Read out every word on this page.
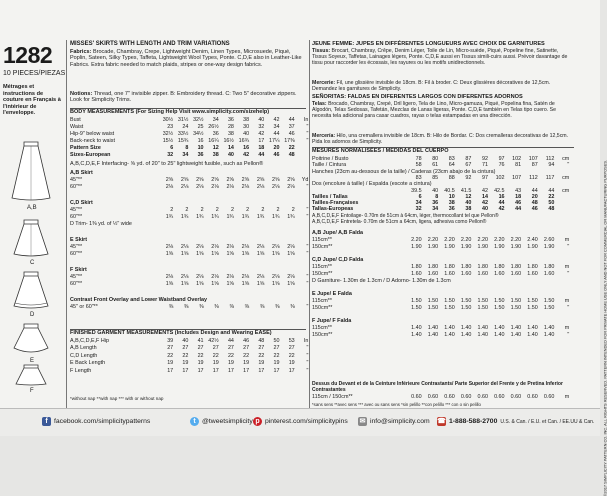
1282
10 PIECES/PIEZAS
Métrages et instructions de couture en Français à l'intérieur de l'enveloppe.
A,B
C
D
E
F
MISSES' SKIRTS WITH LENGTH AND TRIM VARIATIONS
Fabrics: Brocade, Chambray, Crepe, Lightweight Denim, Linen Types, Microsuede, Piqué, Poplin, Sateen, Silky Types, Taffeta, Lightweight Wool Types, Ponte. C,D,E also in Leather-Like Fabrics. Extra fabric needed to match plaids, stripes or one-way design fabrics.
Notions: Thread, one 7" invisible zipper. B: Embroidery thread. C: Two 5" decorative zippers. Look for Simplicity Trims.
BODY MEASUREMENTS (For Sizing Help Visit www.simplicity.com/sizehelp)
Bust	30½ 31½ 32½ 34 36 38 40 42 44 In
Waist	23 24 25 26½ 28 30 32 34 37 "
Hip-9" below waist	32½ 33½ 34½ 36 38 40 42 44 46 "
Back-neck to waist	15½ 15¾ 16 16¼ 16½ 16¾ 17 17¼ 17⅜ "
Pattern Size	6 8 10 12 14 16 18 20 22
Sizes-European	32 34 36 38 40 42 44 46 48
A,B,C,D,E,F Interfacing- ⅝ yd. of 20" to 25" lightweight fusible, such as Pellon®
A,B Skirt
45"**	2⅝ 2⅝ 2⅝ 2⅝ 2⅝ 2⅝ 2⅝ 2⅝ 2⅝ Yd
60"**	2⅛ 2⅛ 2⅛ 2⅛ 2⅛ 2⅛ 2⅛ 2⅛ 2⅛ "
C,D Skirt
45"**	2 2 2 2 2 2 2 2 2 "
60"**	1¾ 1¾ 1¾ 1¾ 1¾ 1¾ 1¾ 1¾ 1¾ "
D Trim- 1⅜ yd. of ½" wide
E Skirt
45"**	2⅛ 2⅛ 2⅛ 2⅛ 2⅛ 2⅛ 2⅛ 2⅛ 2⅛ "
60"**	1⅝ 1⅝ 1⅝ 1⅝ 1⅝ 1⅝ 1⅝ 1⅝ 1⅝ "
F Skirt
45"**	2⅛ 2⅛ 2⅛ 2⅛ 2⅛ 2⅛ 2⅛ 2⅛ 2⅛ "
60"**	1⅝ 1⅝ 1⅝ 1⅝ 1⅝ 1⅝ 1⅝ 1⅝ 1⅝ "
Contrast Front Overlay and Lower Waistband Overlay
45" or 60"**	⅜ ⅜ ⅜ ⅜ ⅜ ⅜ ⅜ ⅜ ⅜ "
FINISHED GARMENT MEASUREMENTS (Includes Design and Wearing EASE)
A,B,C,D,E,F Hip	39 40 41 42½ 44 46 48 50 53 In
A,B Length	27 27 27 27 27 27 27 27 27 "
C,D Length	22 22 22 22 22 22 22 22 22 "
E Back Length	19 19 19 19 19 19 19 19 19 "
F Length	17 17 17 17 17 17 17 17 17 "
*without nap **with nap *** with or without nap
JEUNE FEMME: JUPES EN DIFFÉRENTES LONGUEURS AVEC CHOIX DE GARNITURES
Tissus: Brocart, Chambray, Crêpe, Denim Léger, Toile de Lin, Micro-suède, Piqué, Popeline fine, Satinette, Tissus Soyeux, Taffetas, Lainages légers, Ponte. C,D,E aussi en Tissus simili-cuirs aussi. Prévoir davantage de tissu pour raccorder les écossais, les rayures ou les motifs unidirectionnels.
Mercerie: Fil, une glissière invisible de 18cm. B: Fil à broder. C: Deux glissières décoratives de 12,5cm. Demandez les garnitures de Simplicity.
SEÑORITAS: FALDAS EN DIFERENTES LARGOS CON DIFERENTES ADORNOS
Telas: Brocado, Chambray, Crepé, Dril ligero, Tela de Lino, Micro-gamuza, Piqué, Popelina fina, Satén de Algodón, Telas Sedosas, Tafetán, Mezclas de Lanas ligeras, Ponte. C,D,E también en Telas tipo cuero. Se necesita tela adicional para casar cuadros, rayas o telas estampadas en una dirección.
Mercería: Hilo, una cremallera invisible de 18cm. B: Hilo de Bordar. C: Dos cremalleras decorativas de 12,5cm. Pida los adornos de Simplicity.
MESURES NORMALISÉES / MEDIDAS DEL CUERPO
Poitrine / Busto	78 80 83 87 92 97 102 107 112 cm
Taille / Cintura	58 61 64 67 71 76 81 87 94 "
Hanches (23cm au-dessous de la taille) / Caderas (23cm abajo de la cintura)
83 85 88 92 97 102 107 112 117 cm
Dos (encolure à taille) / Espalda (escote a cintura)
39.5 40 40.5 41.5 42 42.5 43 44 44 cm
Tailles / Tallas	6	8 10 12 14 16 18 20 22
Tailles-Françaises	34 36 38 40 42 44 46 48 50
Tallas-Europeas	32 34 36 38 40 42 44 46 48
A,B,C,D,E,F Entoilage- 0.70m de 51cm à 64cm, léger, thermocollant tel que Pellon®
A,B,C,D,E,F Entretela- 0.70m de 51cm a 64cm, ligera, adhesiva como Pellon®
A,B Jupe/ A,B Falda
115cm**	2.20 2.20 2.20 2.20 2.20 2.20 2.20 2.40 2.60 m
150cm**	1.90 1.90 1.90 1.90 1.90 1.90 1.90 1.90 1.90 "
C,D Jupe/ C,D Falda
115cm**	1.80 1.80 1.80 1.80 1.80 1.80 1.80 1.80 1.80 m
150cm**	1.60 1.60 1.60 1.60 1.60 1.60 1.60 1.60 1.60 "
D Garniture- 1.30m de 1.3cm / D Adorno- 1.30m de 1.3cm
E Jupe/ E Falda
115cm**	1.50 1.50 1.50 1.50 1.50 1.50 1.50 1.50 1.50 m
150cm**	1.50 1.50 1.50 1.50 1.50 1.50 1.50 1.50 1.50 "
F Jupe/ F Falda
115cm**	1.40 1.40 1.40 1.40 1.40 1.40 1.40 1.40 1.40 m
150cm**	1.40 1.40 1.40 1.40 1.40 1.40 1.40 1.40 1.40 "
Dessus du Devant et de la Ceinture Inférieure Contrastants/ Parte Superior del Frente y de Pretina Inferior Contrastantes
115cm / 150cm**	0.60 0.60 0.60 0.60 0.60 0.60 0.60 0.60 0.60 m
*sans sens **avec sens *** avec ou sans sens *sin pelillo **con pelillo *** con o sin pelillo	©2017 SIMPLICITY PATTERN CO. INC. ALL RIGHTS RESERVED. PATTERN INTENDED FOR PRIVATE HOME USE ONLY AND NOT FOR COMMERCIAL OR MANUFACTURING PURPOSES.
f facebook.com/simplicitypatterns	t @tweetsimplicity p pinterest.com/simplicitypins ✉ info@simplicity.com ☎ 1-888-588-2700 U.S. & Can. / E.U. et Can. / EE.UU & Can.
